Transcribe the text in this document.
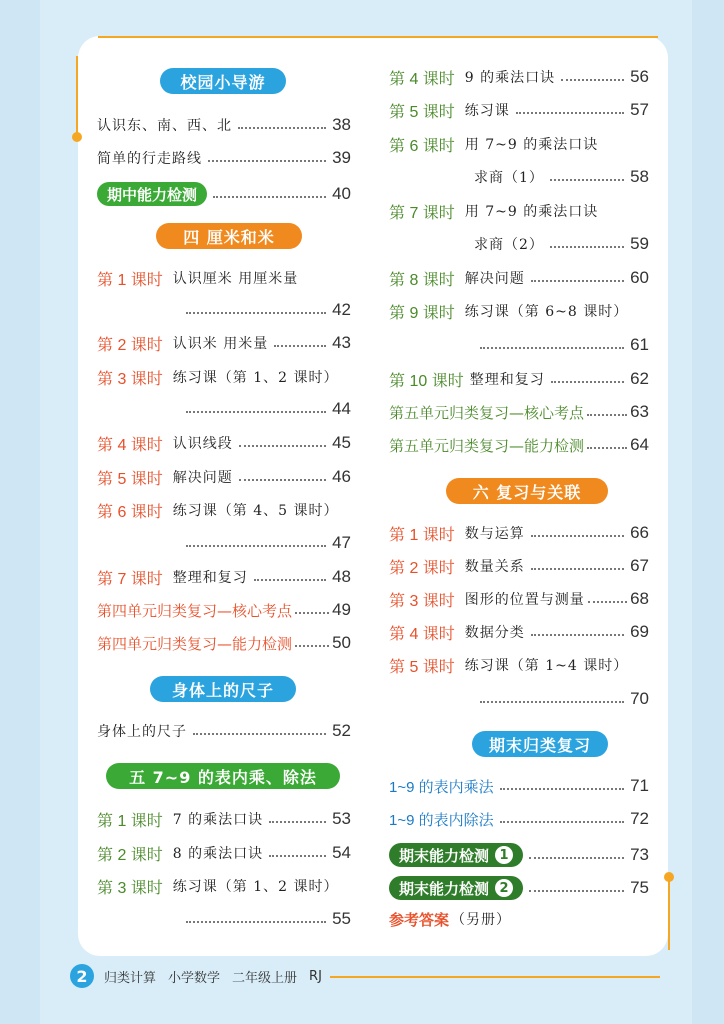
校园小导游
认识东、南、西、北	38
简单的行走路线	39
期中能力检测	40
四 厘米和米
第 1 课时 认识厘米 用厘米量
42
第 2 课时 认识米 用米量	43
第 3 课时 练习课（第 1、2 课时）
44
第 4 课时 认识线段	45
第 5 课时 解决问题	46
第 6 课时 练习课（第 4、5 课时）
47
第 7 课时 整理和复习	48
第四单元归类复习—核心考点 49
第四单元归类复习—能力检测 50
身体上的尺子
身体上的尺子	52
五 7~9 的表内乘、除法
第 1 课时 7 的乘法口诀	53
第 2 课时 8 的乘法口诀	54
第 3 课时 练习课（第 1、2 课时）
55
第 4 课时 9 的乘法口诀	56
第 5 课时 练习课	57
第 6 课时 用 7~9 的乘法口诀
求商（1）	58
第 7 课时 用 7~9 的乘法口诀
求商（2）	59
第 8 课时 解决问题	60
第 9 课时 练习课（第 6~8 课时）
61
第 10 课时 整理和复习	62
第五单元归类复习—核心考点	63
第五单元归类复习—能力检测	64
六 复习与关联
第 1 课时 数与运算	66
第 2 课时 数量关系	67
第 3 课时 图形的位置与测量	68
第 4 课时 数据分类	69
第 5 课时 练习课（第 1~4 课时）
70
期末归类复习
1~9 的表内乘法	71
1~9 的表内除法	72
期末能力检测 1	73
期末能力检测 2	75
参考答案 （另册）
2	归类计算 小学数学 二年级上册 RJ
